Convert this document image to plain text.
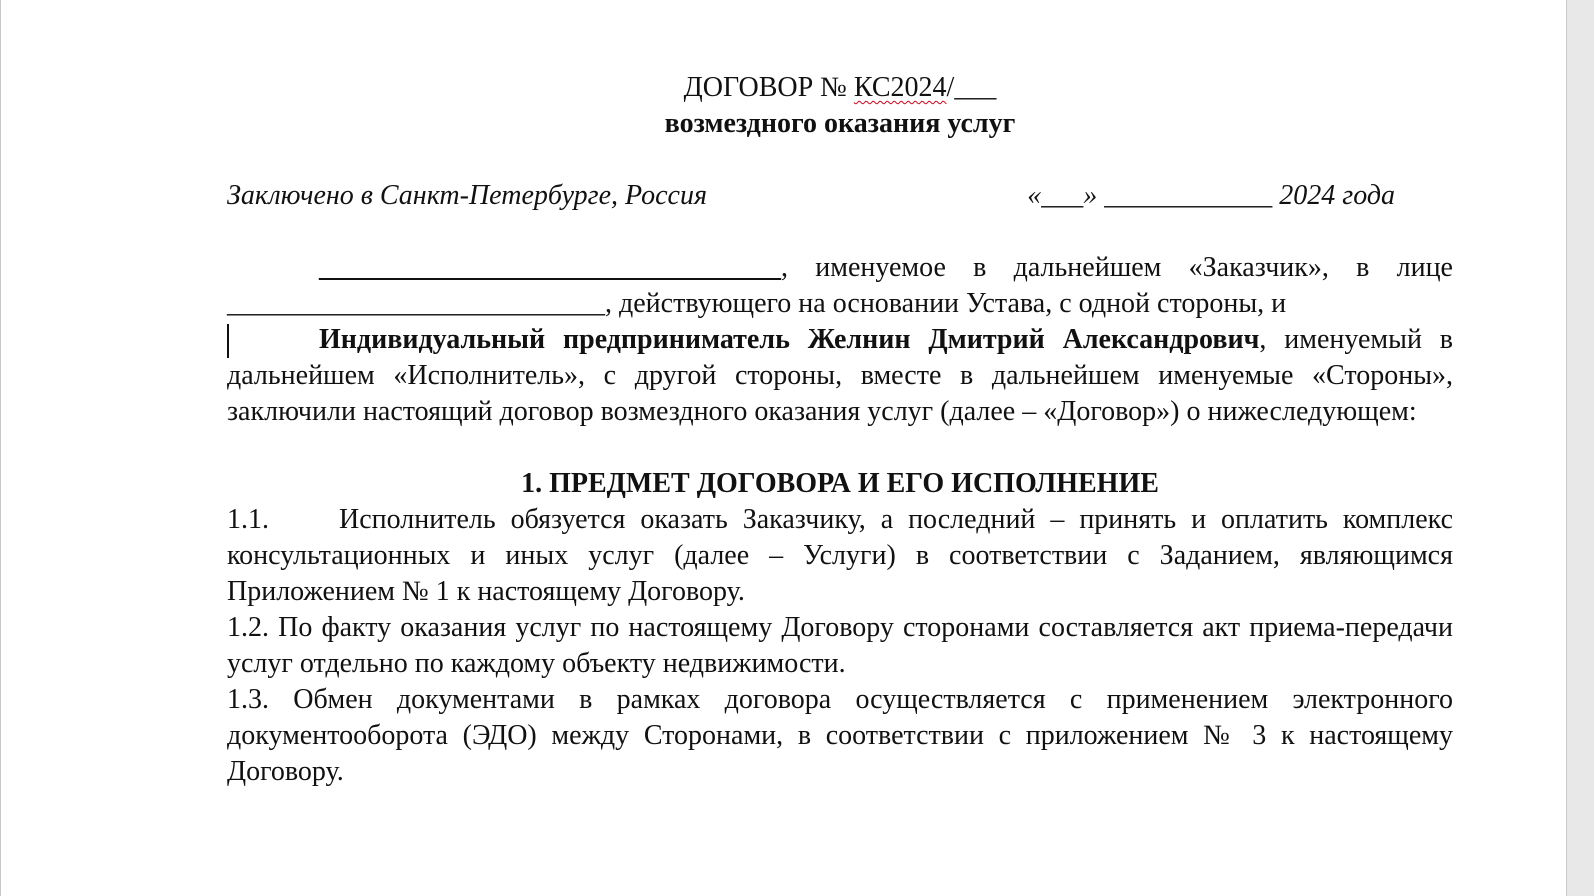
ДОГОВОР № КС2024/___

возмездного оказания услуг

Заключено в Санкт-Петербурге, Россия	«___» ____________ 2024 года

_________________________________, именуемое в дальнейшем «Заказчик», в лице ___________________________, действующего на основании Устава, с одной стороны, и

Индивидуальный предприниматель Желнин Дмитрий Александрович, именуемый в дальнейшем «Исполнитель», с другой стороны, вместе в дальнейшем именуемые «Стороны», заключили настоящий договор возмездного оказания услуг (далее – «Договор») о нижеследующем:

1. ПРЕДМЕТ ДОГОВОРА И ЕГО ИСПОЛНЕНИЕ

1.1.	Исполнитель обязуется оказать Заказчику, а последний – принять и оплатить комплекс консультационных и иных услуг (далее – Услуги) в соответствии с Заданием, являющимся Приложением № 1 к настоящему Договору.

1.2. По факту оказания услуг по настоящему Договору сторонами составляется акт приема-передачи услуг отдельно по каждому объекту недвижимости.

1.3. Обмен документами в рамках договора осуществляется с применением электронного документооборота (ЭДО) между Сторонами, в соответствии с приложением № 3 к настоящему Договору.
